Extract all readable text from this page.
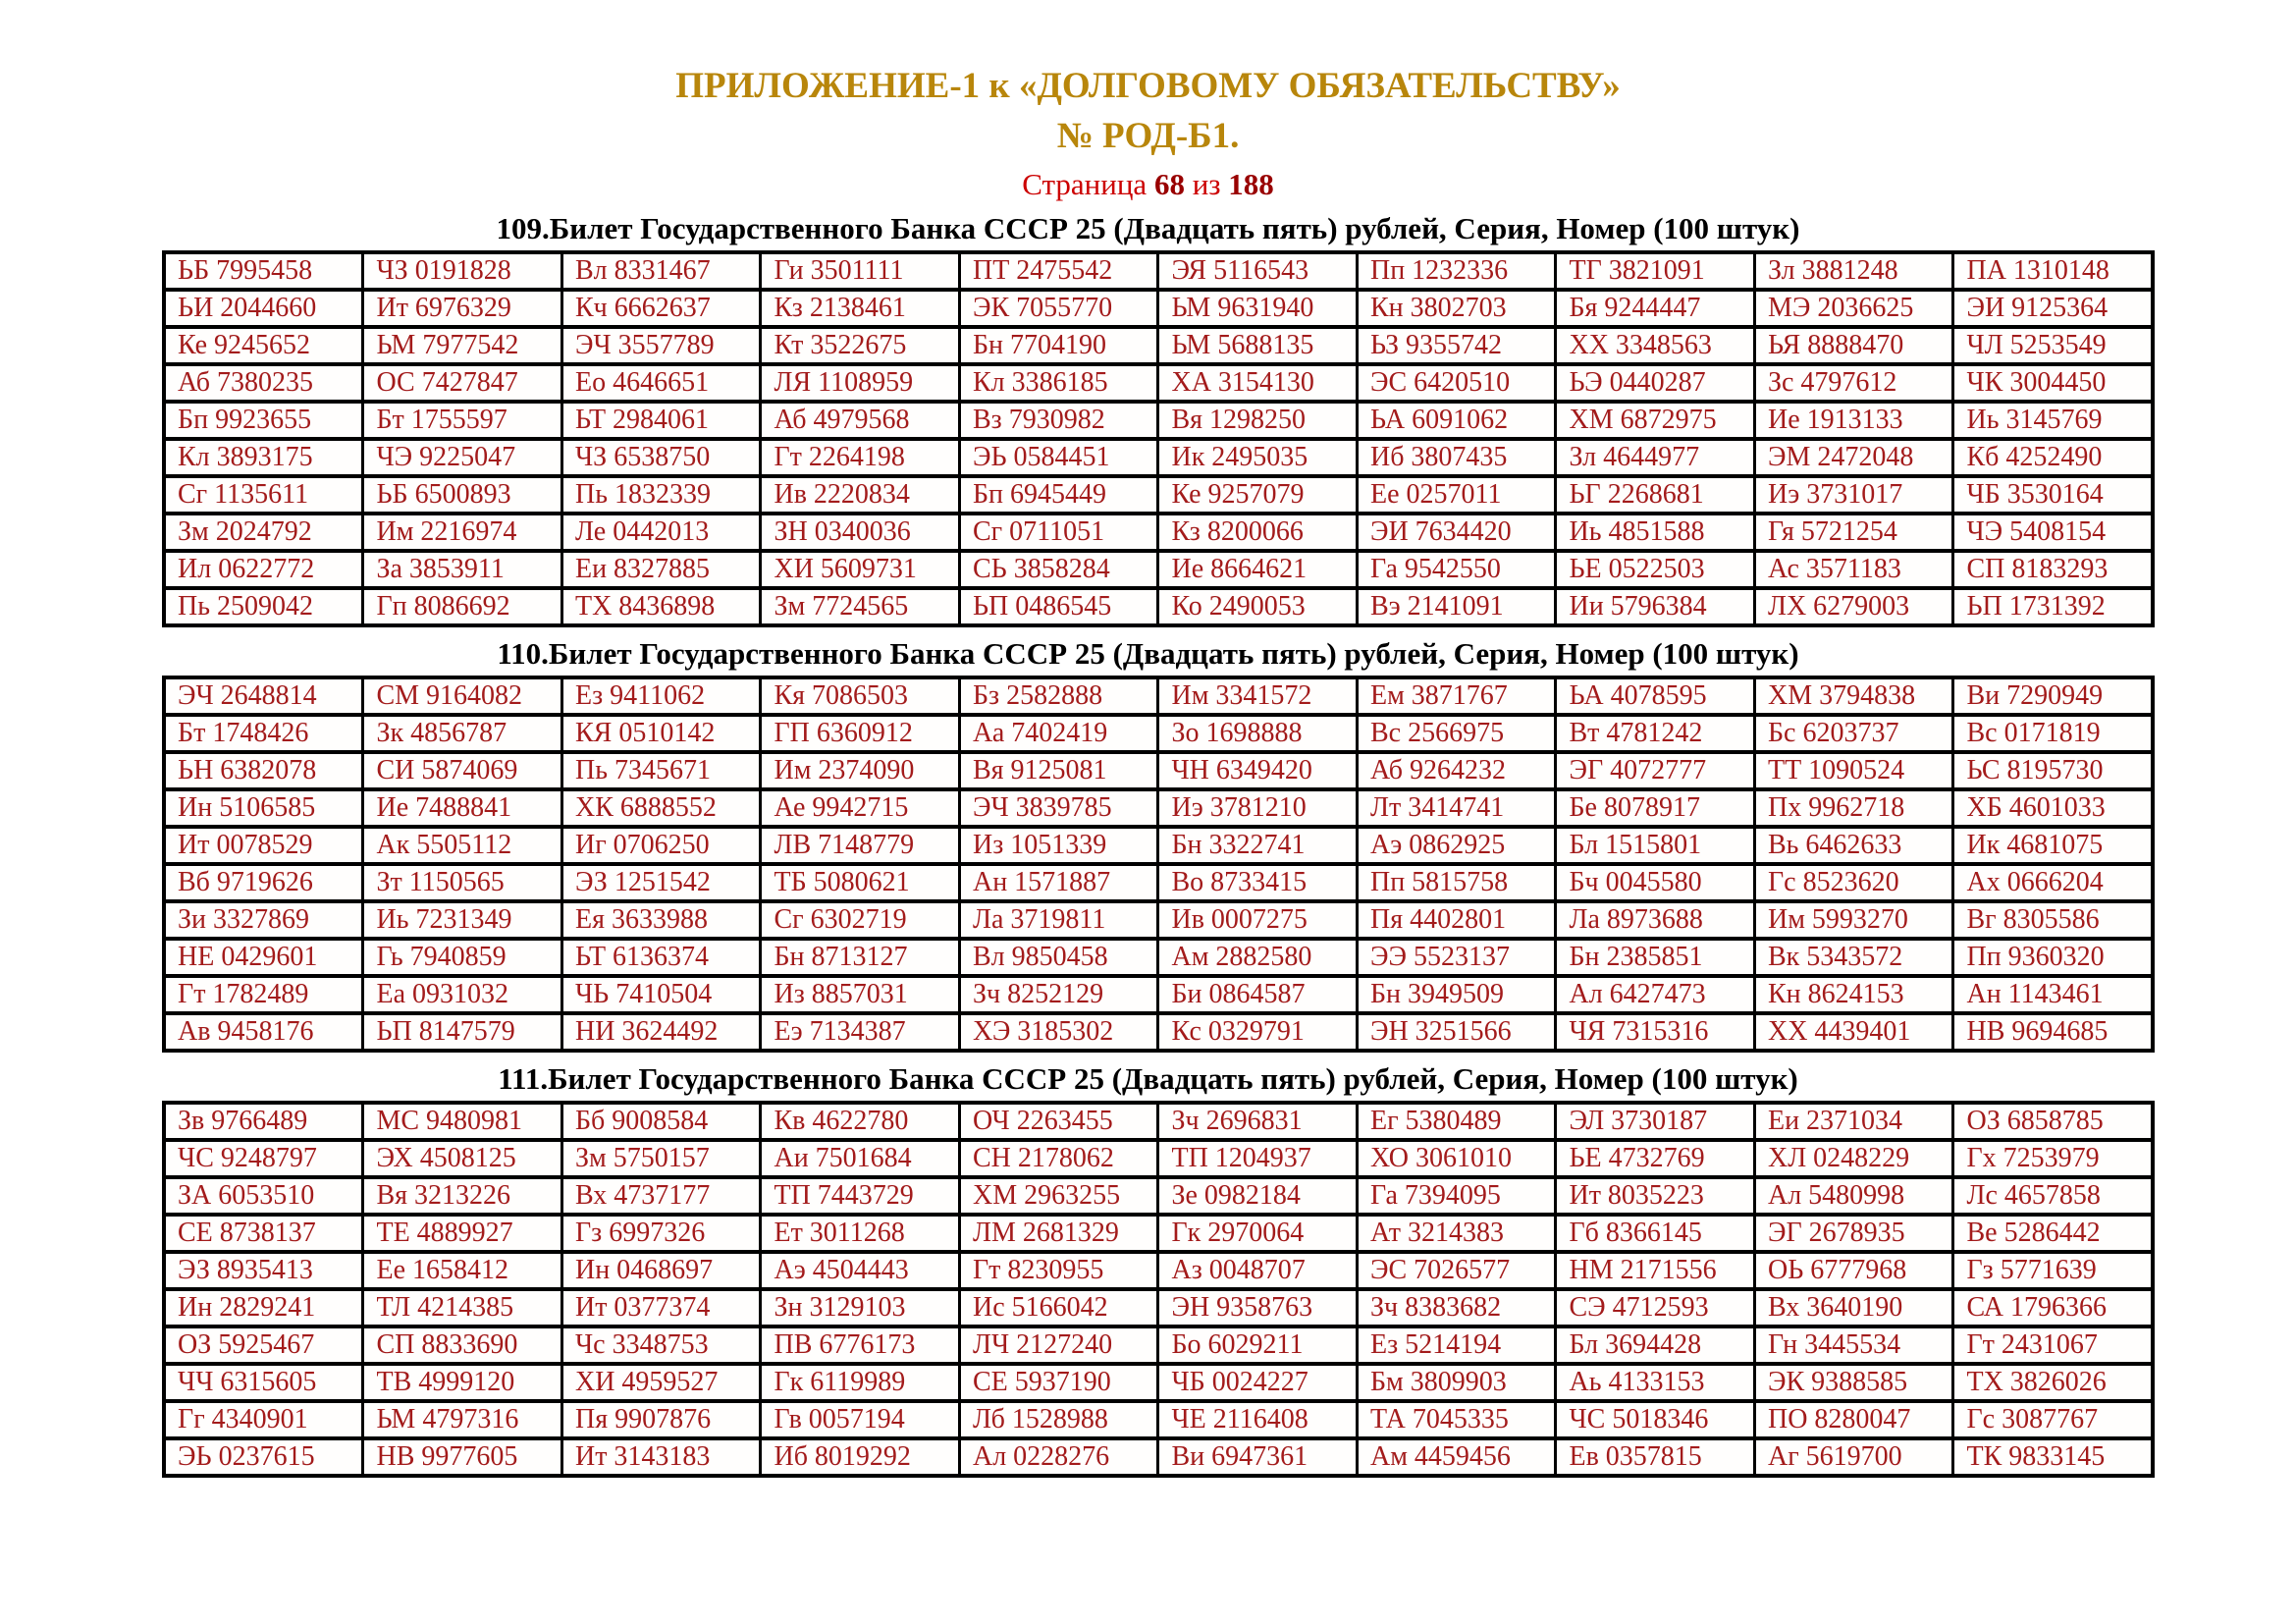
ПРИЛОЖЕНИЕ-1 к «ДОЛГОВОМУ ОБЯЗАТЕЛЬСТВУ»
№ РОД-Б1.
Страница 68 из 188
109.Билет Государственного Банка СССР 25 (Двадцать пять) рублей, Серия, Номер (100 штук)
ЬБ 7995458	ЧЗ 0191828	Вл 8331467	Ги 3501111	ПТ 2475542	ЭЯ 5116543	Пп 1232336	ТГ 3821091	Зл 3881248	ПА 1310148
ЬИ 2044660	Ит 6976329	Кч 6662637	Кз 2138461	ЭК 7055770	ЬМ 9631940	Кн 3802703	Бя 9244447	МЭ 2036625	ЭИ 9125364
Ке 9245652	ЬМ 7977542	ЭЧ 3557789	Кт 3522675	Бн 7704190	ЬМ 5688135	ЬЗ 9355742	ХХ 3348563	ЬЯ 8888470	ЧЛ 5253549
Аб 7380235	ОС 7427847	Ео 4646651	ЛЯ 1108959	Кл 3386185	ХА 3154130	ЭС 6420510	ЬЭ 0440287	Зс 4797612	ЧК 3004450
Бп 9923655	Бт 1755597	ЬТ 2984061	Аб 4979568	Вз 7930982	Вя 1298250	ЬА 6091062	ХМ 6872975	Ие 1913133	Иь 3145769
Кл 3893175	ЧЭ 9225047	ЧЗ 6538750	Гт 2264198	ЭЬ 0584451	Ик 2495035	Иб 3807435	Зл 4644977	ЭМ 2472048	Кб 4252490
Сг 1135611	ЬБ 6500893	Пь 1832339	Ив 2220834	Бп 6945449	Ке 9257079	Ее 0257011	ЬГ 2268681	Иэ 3731017	ЧБ 3530164
Зм 2024792	Им 2216974	Ле 0442013	ЗН 0340036	Сг 0711051	Кз 8200066	ЭИ 7634420	Иь 4851588	Гя 5721254	ЧЭ 5408154
Ил 0622772	За 3853911	Еи 8327885	ХИ 5609731	СЬ 3858284	Ие 8664621	Га 9542550	ЬЕ 0522503	Ас 3571183	СП 8183293
Пь 2509042	Гп 8086692	ТХ 8436898	Зм 7724565	ЬП 0486545	Ко 2490053	Вэ 2141091	Ии 5796384	ЛХ 6279003	ЬП 1731392
110.Билет Государственного Банка СССР 25 (Двадцать пять) рублей, Серия, Номер (100 штук)
ЭЧ 2648814	СМ 9164082	Ез 9411062	Кя 7086503	Бз 2582888	Им 3341572	Ем 3871767	ЬА 4078595	ХМ 3794838	Ви 7290949
Бт 1748426	Зк 4856787	КЯ 0510142	ГП 6360912	Аа 7402419	Зо 1698888	Вс 2566975	Вт 4781242	Бс 6203737	Вс 0171819
ЬН 6382078	СИ 5874069	Пь 7345671	Им 2374090	Вя 9125081	ЧН 6349420	Аб 9264232	ЭГ 4072777	ТТ 1090524	ЬС 8195730
Ин 5106585	Ие 7488841	ХК 6888552	Ае 9942715	ЭЧ 3839785	Иэ 3781210	Лт 3414741	Бе 8078917	Пх 9962718	ХБ 4601033
Ит 0078529	Ак 5505112	Иг 0706250	ЛВ 7148779	Из 1051339	Бн 3322741	Аэ 0862925	Бл 1515801	Вь 6462633	Ик 4681075
Вб 9719626	Зт 1150565	ЭЗ 1251542	ТБ 5080621	Ан 1571887	Во 8733415	Пп 5815758	Бч 0045580	Гс 8523620	Ах 0666204
Зи 3327869	Иь 7231349	Ея 3633988	Сг 6302719	Ла 3719811	Ив 0007275	Пя 4402801	Ла 8973688	Им 5993270	Вг 8305586
НЕ 0429601	Гь 7940859	ЬТ 6136374	Бн 8713127	Вл 9850458	Ам 2882580	ЭЭ 5523137	Бн 2385851	Вк 5343572	Пп 9360320
Гт 1782489	Еа 0931032	ЧЬ 7410504	Из 8857031	Зч 8252129	Би 0864587	Бн 3949509	Ал 6427473	Кн 8624153	Ан 1143461
Ав 9458176	ЬП 8147579	НИ 3624492	Еэ 7134387	ХЭ 3185302	Кс 0329791	ЭН 3251566	ЧЯ 7315316	ХХ 4439401	НВ 9694685
111.Билет Государственного Банка СССР 25 (Двадцать пять) рублей, Серия, Номер (100 штук)
Зв 9766489	МС 9480981	Бб 9008584	Кв 4622780	ОЧ 2263455	Зч 2696831	Ег 5380489	ЭЛ 3730187	Еи 2371034	ОЗ 6858785
ЧС 9248797	ЭХ 4508125	Зм 5750157	Аи 7501684	СН 2178062	ТП 1204937	ХО 3061010	ЬЕ 4732769	ХЛ 0248229	Гх 7253979
ЗА 6053510	Вя 3213226	Вх 4737177	ТП 7443729	ХМ 2963255	Зе 0982184	Га 7394095	Ит 8035223	Ал 5480998	Лс 4657858
СЕ 8738137	ТЕ 4889927	Гз 6997326	Ет 3011268	ЛМ 2681329	Гк 2970064	Ат 3214383	Гб 8366145	ЭГ 2678935	Ве 5286442
ЭЗ 8935413	Ее 1658412	Ин 0468697	Аэ 4504443	Гт 8230955	Аз 0048707	ЭС 7026577	НМ 2171556	ОЬ 6777968	Гз 5771639
Ин 2829241	ТЛ 4214385	Ит 0377374	Зн 3129103	Ис 5166042	ЭН 9358763	Зч 8383682	СЭ 4712593	Вх 3640190	СА 1796366
ОЗ 5925467	СП 8833690	Чс 3348753	ПВ 6776173	ЛЧ 2127240	Бо 6029211	Ез 5214194	Бл 3694428	Гн 3445534	Гт 2431067
ЧЧ 6315605	ТВ 4999120	ХИ 4959527	Гк 6119989	СЕ 5937190	ЧБ 0024227	Бм 3809903	Аь 4133153	ЭК 9388585	ТХ 3826026
Гг 4340901	ЬМ 4797316	Пя 9907876	Гв 0057194	Лб 1528988	ЧЕ 2116408	ТА 7045335	ЧС 5018346	ПО 8280047	Гс 3087767
ЭЬ 0237615	НВ 9977605	Ит 3143183	Иб 8019292	Ал 0228276	Ви 6947361	Ам 4459456	Ев 0357815	Аг 5619700	ТК 9833145
